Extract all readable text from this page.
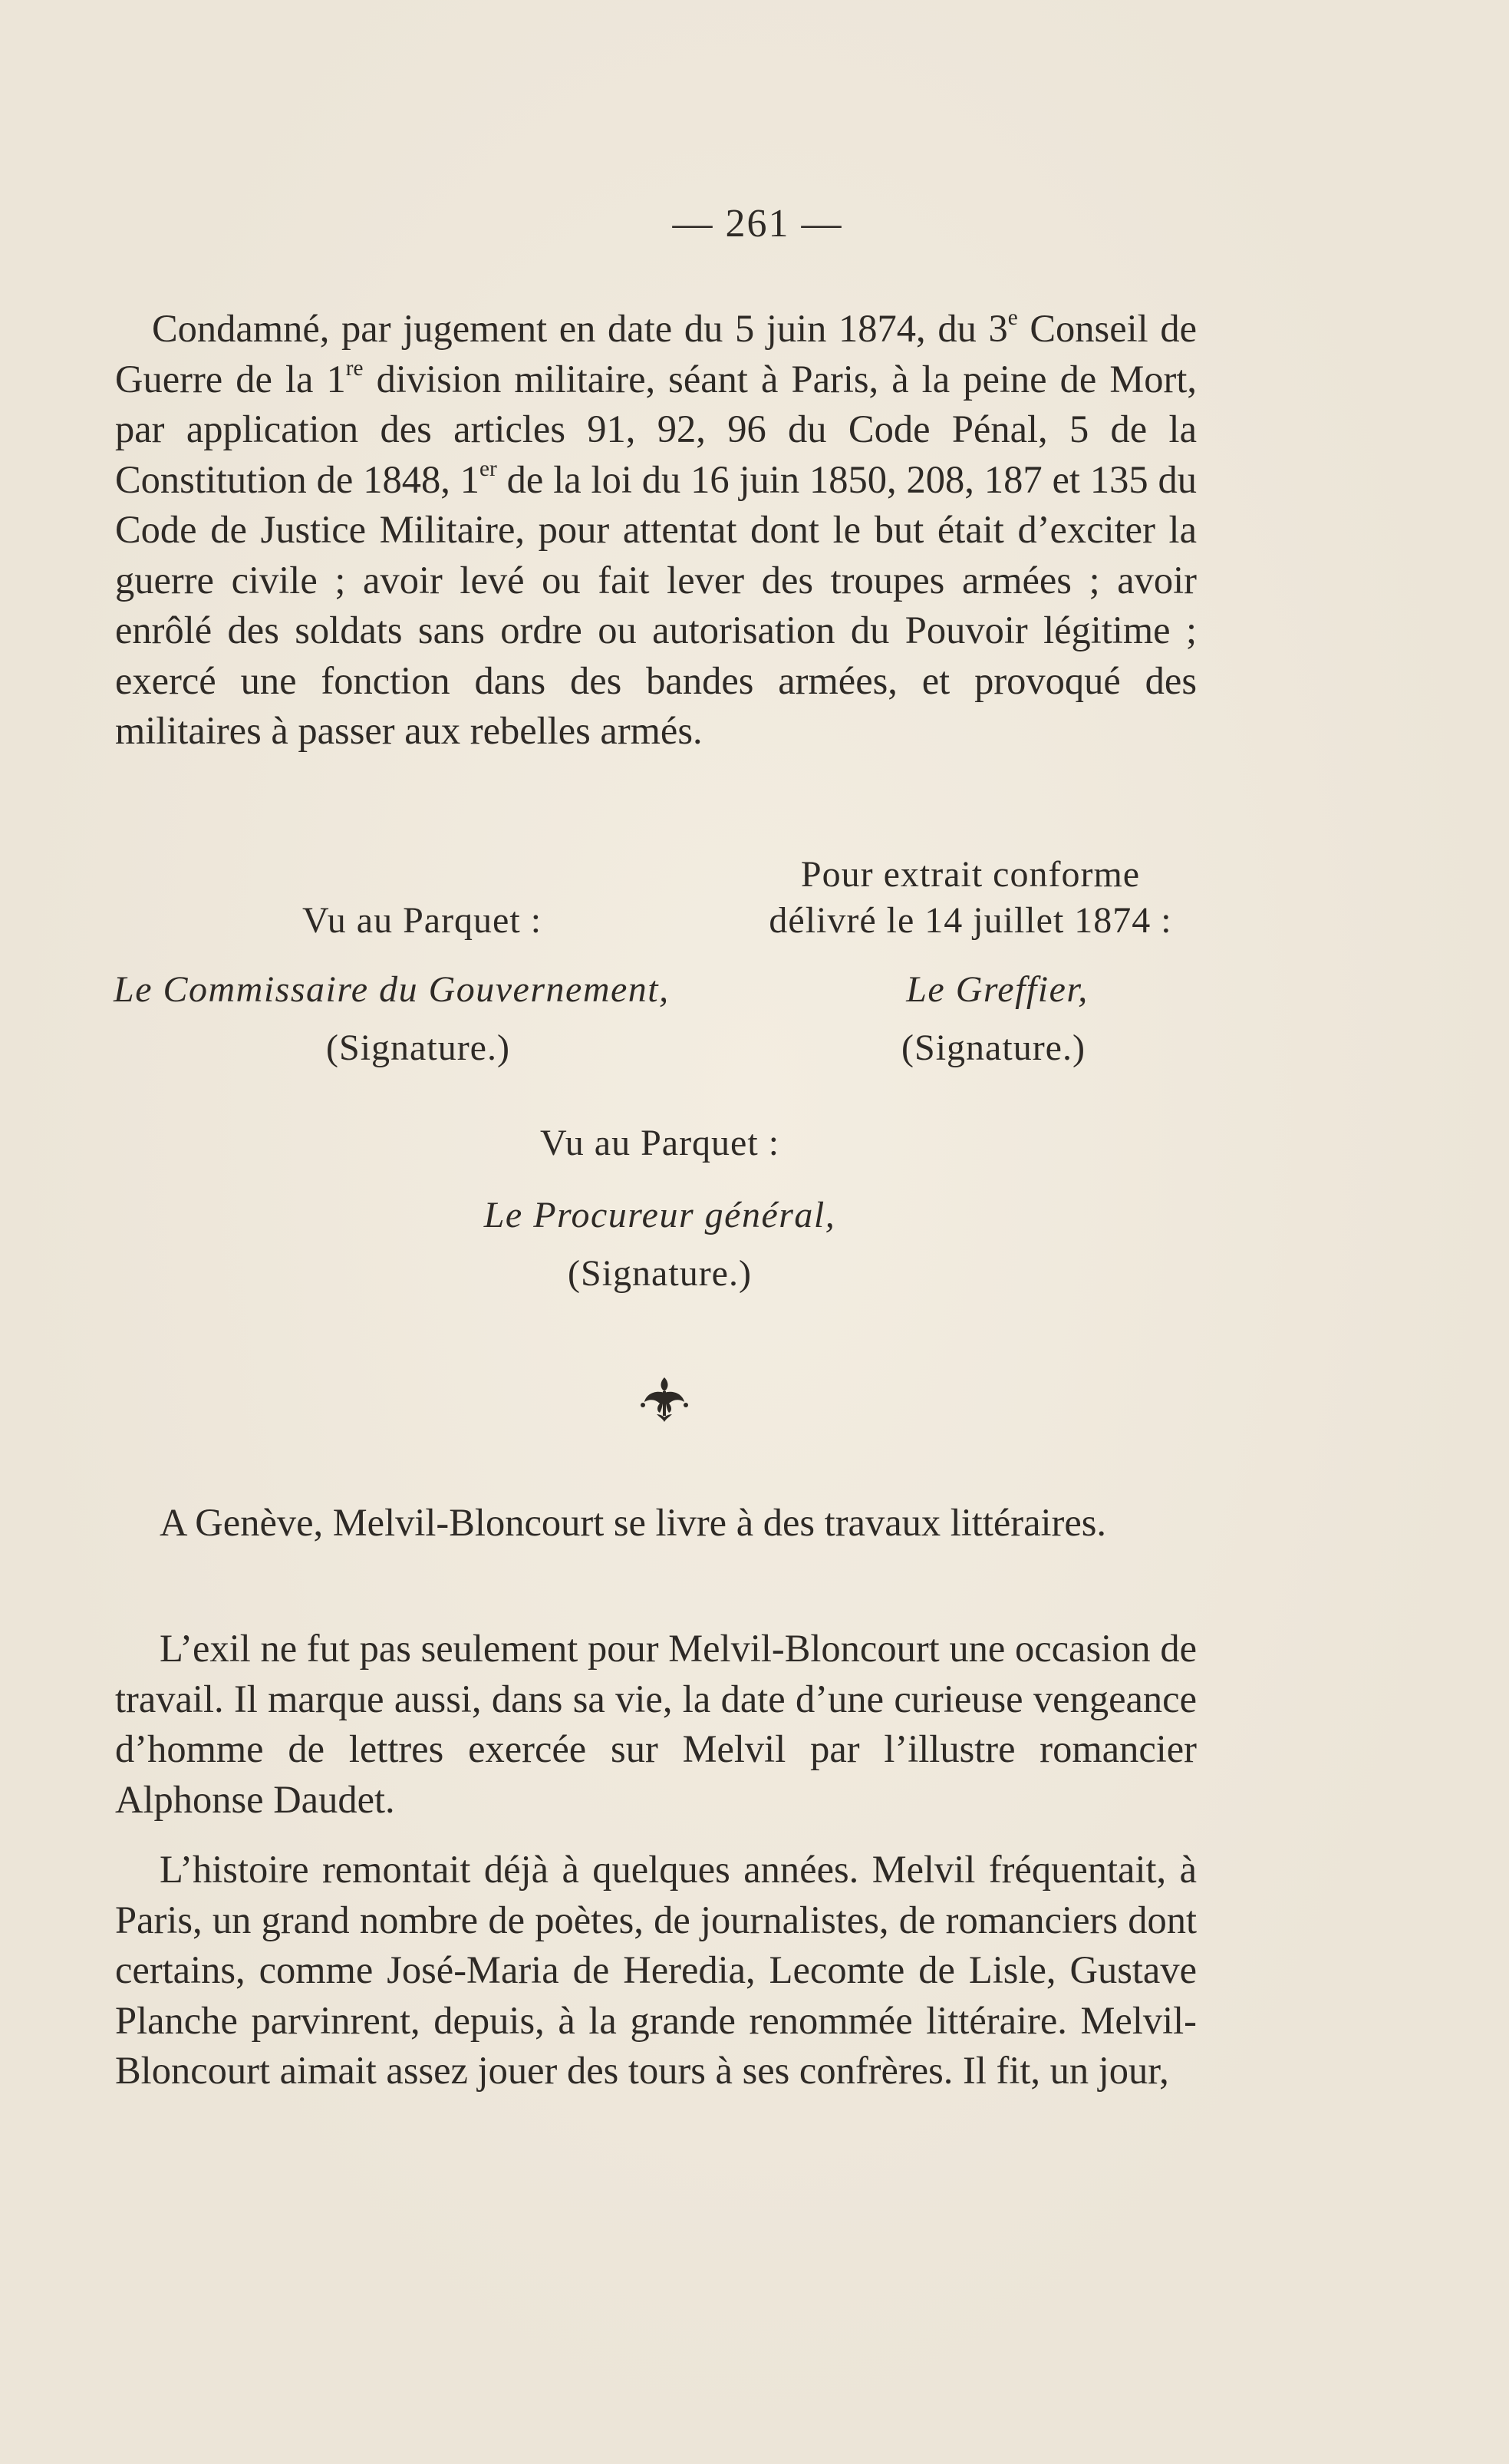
— 261 —

Condamné, par jugement en date du 5 juin 1874, du 3e Conseil de Guerre de la 1re division militaire, séant à Paris, à la peine de Mort, par application des articles 91, 92, 96 du Code Pénal, 5 de la Constitution de 1848, 1er de la loi du 16 juin 1850, 208, 187 et 135 du Code de Justice Militaire, pour attentat dont le but était d’exciter la guerre civile ; avoir levé ou fait lever des troupes armées ; avoir enrôlé des soldats sans ordre ou autorisation du Pouvoir légitime ; exercé une fonction dans des bandes armées, et provoqué des militaires à passer aux rebelles armés.

Pour extrait conforme
délivré le 14 juillet 1874 :
Vu au Parquet :
Le Commissaire du Gouvernement,
(Signature.)
Le Greffier,
(Signature.)
Vu au Parquet :
Le Procureur général,
(Signature.)

A Genève, Melvil-Bloncourt se livre à des travaux littéraires.

L’exil ne fut pas seulement pour Melvil-Bloncourt une occasion de travail. Il marque aussi, dans sa vie, la date d’une curieuse vengeance d’homme de lettres exercée sur Melvil par l’illustre romancier Alphonse Daudet.

L’histoire remontait déjà à quelques années. Melvil fréquentait, à Paris, un grand nombre de poètes, de journalistes, de romanciers dont certains, comme José-Maria de Heredia, Lecomte de Lisle, Gustave Planche parvinrent, depuis, à la grande renommée littéraire. Melvil-Bloncourt aimait assez jouer des tours à ses confrères. Il fit, un jour,
